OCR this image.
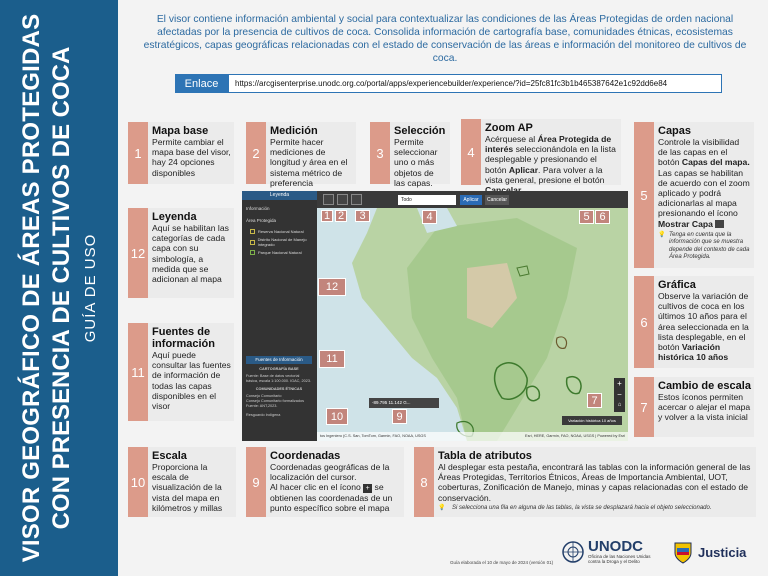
VISOR GEOGRÁFICO DE ÁREAS PROTEGIDAS CON PRESENCIA DE CULTIVOS DE COCA GUÍA DE USO
El visor contiene información ambiental y social para contextualizar las condiciones de las Áreas Protegidas de orden nacional afectadas por la presencia de cultivos de coca. Consolida información de cartografía base, comunidades étnicas, ecosistemas estratégicos, capas geográficas relacionadas con el estado de conservación de las áreas e información del monitoreo de cultivos de coca.
Enlace	https://arcgisenterprise.unodc.org.co/portal/apps/experiencebuilder/experience/?id=25fc81fc3b1b465387642e1c92dd6e84
1
Mapa base

Permite cambiar el mapa base del visor, hay 24 opciones disponibles

2
Medición

Permite hacer mediciones de longitud y área en el sistema métrico de preferencia

3
Selección

Permite seleccionar uno o más objetos de las capas.

4
Zoom AP

Acérquese al Área Protegida de interés seleccionándola en la lista desplegable y presionando el botón Aplicar. Para volver a la vista general, presione el botón

5
Capas

Controle la visibilidad de las capas en el botón Capas del mapa. Las capas se habilitan de acuerdo con el zoom aplicado y podrá adicionarlas al mapa presionando el ícono Mostrar Capa

💡 Tenga en cuenta que la información que se muestra depende del contexto de cada Área Protegida.
6
Gráfica

Observe la variación de cultivos de coca en los últimos 10 años para el área seleccionada en la lista desplegable, en el botón Variación histórica 10 años

7
Cambio de escala

Estos íconos permiten acercar o alejar el mapa y volver a la vista inicial

12
Leyenda

Aquí se habilitan las categorías de cada capa con su simbología, a medida que se adicionan al mapa

11
Fuentes de información

Aquí puede consultar las fuentes de información de todas las capas disponibles en el visor

10
Escala

Proporciona la escala de visualización de la vista del mapa en kilómetros y millas

9
Coordenadas

Coordenadas geográficas de la localización del cursor.
Al hacer clic en el ícono + se obtienen las coordenadas de un punto específico sobre el mapa

8
Tabla de atributos

Al desplegar esta pestaña, encontrará las tablas con la información general de las Áreas Protegidas, Territorios Étnicos, Áreas de Importancia Ambiental, UOT, coberturas, Zonificación de Manejo, minas y capas relacionadas con el estado de conservación.

💡 Si selecciona una fila en alguna de las tablas, la vista se desplazará hacia el objeto seleccionado.
Leyenda
Información
Área Protegida
Reserva Nacional Natural
Distrito Nacional de Manejo Integrado
Parque Nacional Natural
Fuentes de Información
CARTOGRAFÍA BASE
Fuente: Base de datos vectorial básica, escala 1:100.000. IGAC, 2023.
COMUNIDADES ÉTNICAS
Consejo Comunitario
Consejo Comunitario formalizados
Fuente: ANT,2023.
Resguardo Indígena
Todo	Aplicar	Cancelar
-89.795 11.142 G...
Variación histórica 10 años
+
−
⌂
tos Ingeniero (C.S. San, TomTom, Garmin, FAO, NOAA, USGS	Esri, HERE, Garmin, FAO, NOAA, USGS | Powered by Esri
1 2	3	4	5 6
7
9
10
11
12
Guía elaborada el 10 de mayo de 2024 (versión 01)
UNODC
Oficina de las Naciones Unidas
contra la Droga y el Delito
Justicia
